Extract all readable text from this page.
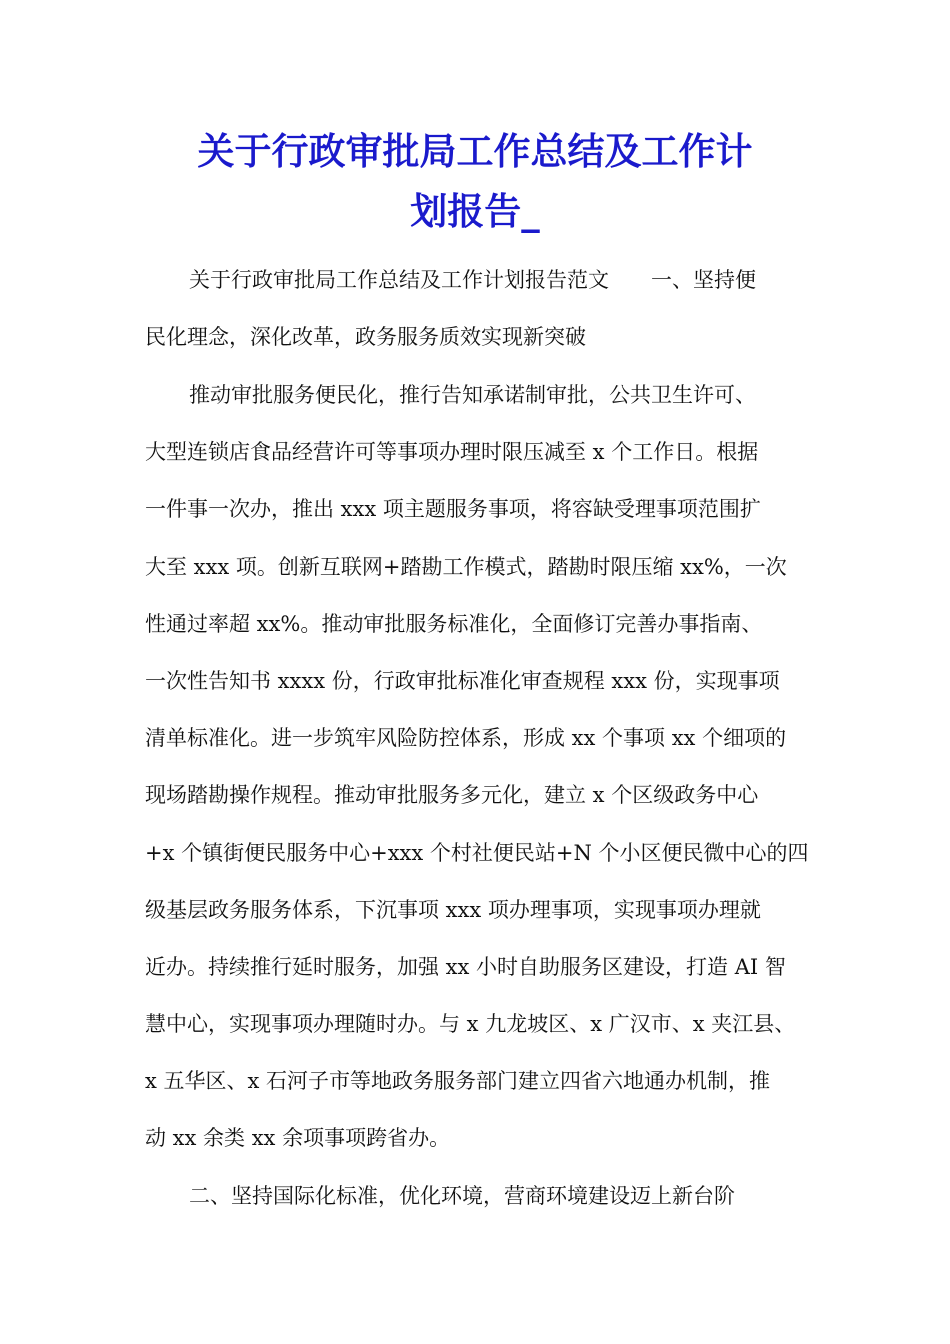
关于行政审批局工作总结及工作计
划报告_
关于行政审批局工作总结及工作计划报告范文　　一、坚持便
民化理念，深化改革，政务服务质效实现新突破
推动审批服务便民化，推行告知承诺制审批，公共卫生许可、
大型连锁店食品经营许可等事项办理时限压减至 x 个工作日。根据
一件事一次办，推出 xxx 项主题服务事项，将容缺受理事项范围扩
大至 xxx 项。创新互联网+踏勘工作模式，踏勘时限压缩 xx%，一次
性通过率超 xx%。推动审批服务标准化，全面修订完善办事指南、
一次性告知书 xxxx 份，行政审批标准化审查规程 xxx 份，实现事项
清单标准化。进一步筑牢风险防控体系，形成 xx 个事项 xx 个细项的
现场踏勘操作规程。推动审批服务多元化，建立 x 个区级政务中心
+x 个镇街便民服务中心+xxx 个村社便民站+N 个小区便民微中心的四
级基层政务服务体系，下沉事项 xxx 项办理事项，实现事项办理就
近办。持续推行延时服务，加强 xx 小时自助服务区建设，打造 AI 智
慧中心，实现事项办理随时办。与 x 九龙坡区、x 广汉市、x 夹江县、
x 五华区、x 石河子市等地政务服务部门建立四省六地通办机制，推
动 xx 余类 xx 余项事项跨省办。
二、坚持国际化标准，优化环境，营商环境建设迈上新台阶
